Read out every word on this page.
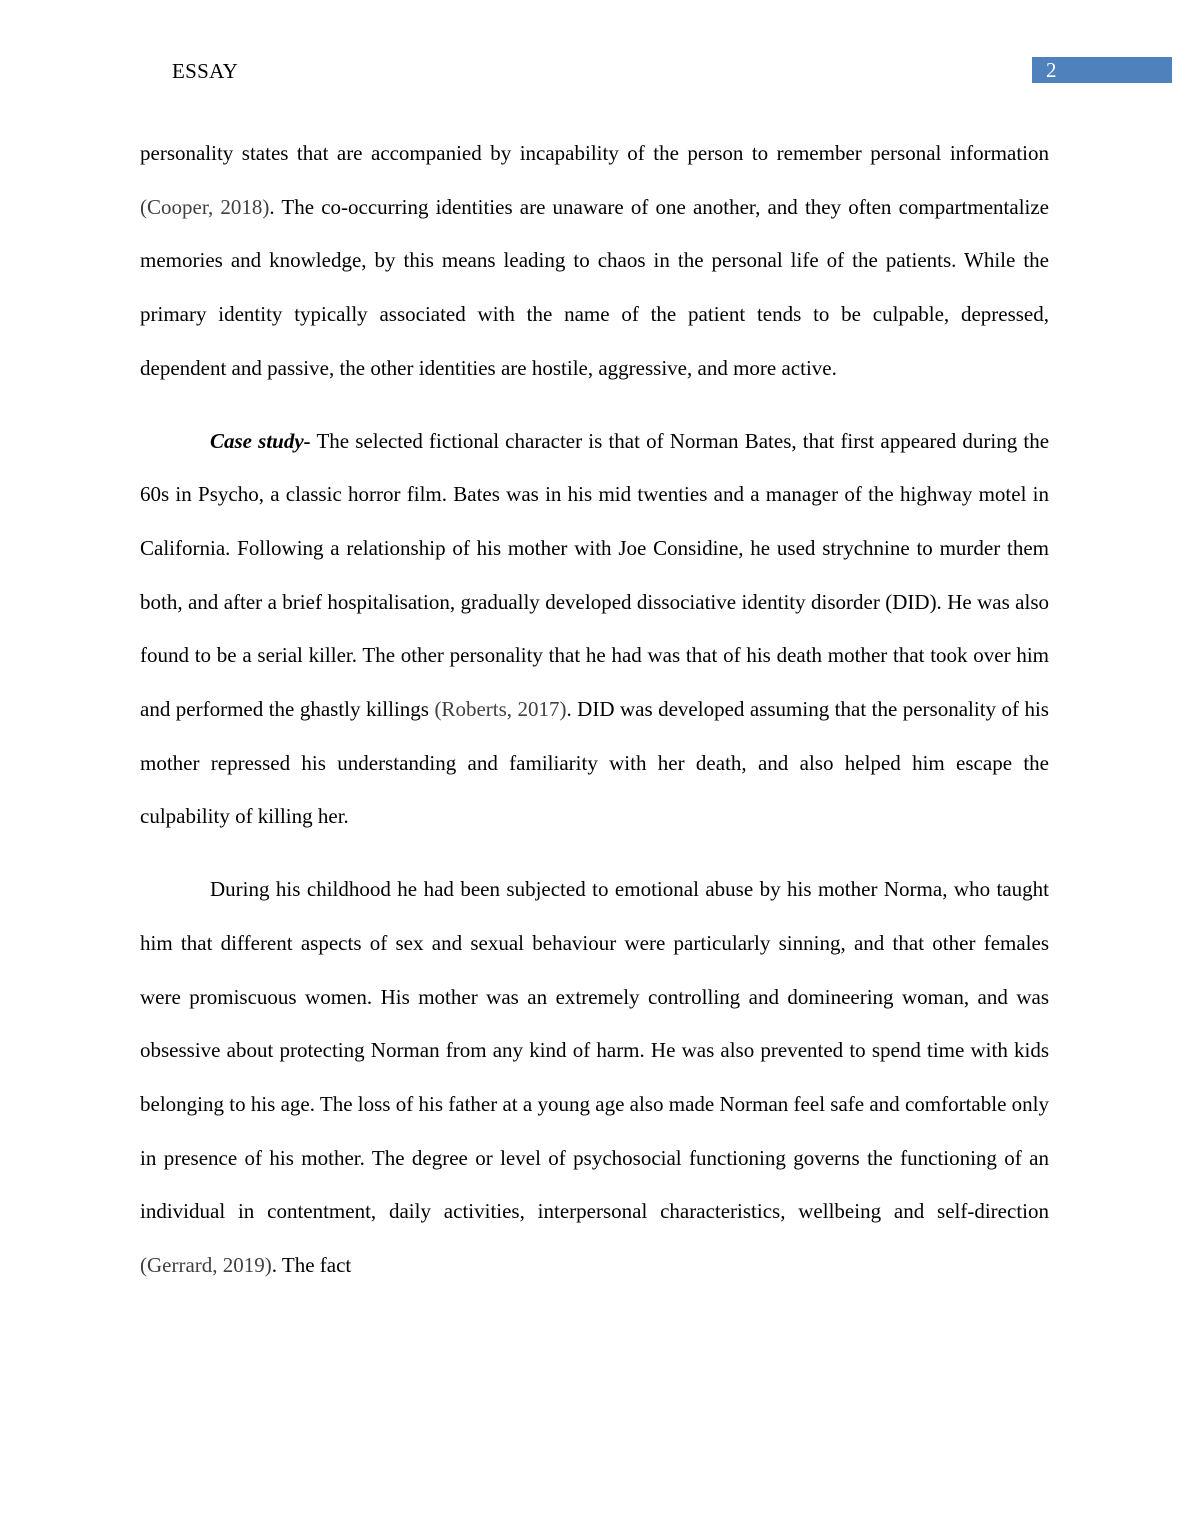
ESSAY	2

personality states that are accompanied by incapability of the person to remember personal information (Cooper, 2018). The co-occurring identities are unaware of one another, and they often compartmentalize memories and knowledge, by this means leading to chaos in the personal life of the patients. While the primary identity typically associated with the name of the patient tends to be culpable, depressed, dependent and passive, the other identities are hostile, aggressive, and more active.

Case study- The selected fictional character is that of Norman Bates, that first appeared during the 60s in Psycho, a classic horror film. Bates was in his mid twenties and a manager of the highway motel in California. Following a relationship of his mother with Joe Considine, he used strychnine to murder them both, and after a brief hospitalisation, gradually developed dissociative identity disorder (DID). He was also found to be a serial killer. The other personality that he had was that of his death mother that took over him and performed the ghastly killings (Roberts, 2017). DID was developed assuming that the personality of his mother repressed his understanding and familiarity with her death, and also helped him escape the culpability of killing her.

During his childhood he had been subjected to emotional abuse by his mother Norma, who taught him that different aspects of sex and sexual behaviour were particularly sinning, and that other females were promiscuous women. His mother was an extremely controlling and domineering woman, and was obsessive about protecting Norman from any kind of harm. He was also prevented to spend time with kids belonging to his age. The loss of his father at a young age also made Norman feel safe and comfortable only in presence of his mother. The degree or level of psychosocial functioning governs the functioning of an individual in contentment, daily activities, interpersonal characteristics, wellbeing and self-direction (Gerrard, 2019). The fact
